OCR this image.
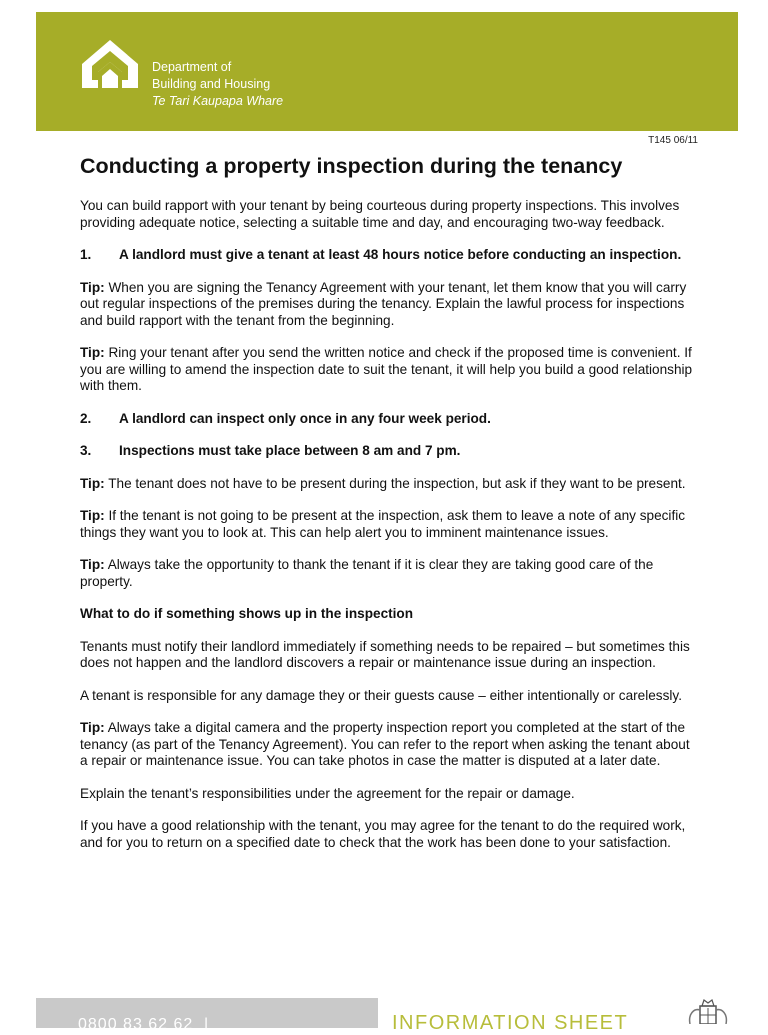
Department of
Building and Housing
Te Tari Kaupapa Whare
T145 06/11
Conducting a property inspection during the tenancy

You can build rapport with your tenant by being courteous during property inspections. This involves providing adequate notice, selecting a suitable time and day, and encouraging two-way feedback.

1.	A landlord must give a tenant at least 48 hours notice before conducting an inspection.

Tip: When you are signing the Tenancy Agreement with your tenant, let them know that you will carry out regular inspections of the premises during the tenancy. Explain the lawful process for inspections and build rapport with the tenant from the beginning.

Tip: Ring your tenant after you send the written notice and check if the proposed time is convenient. If you are willing to amend the inspection date to suit the tenant, it will help you build a good relationship with them.

2.	A landlord can inspect only once in any four week period.
3.	Inspections must take place between 8 am and 7 pm.

Tip: The tenant does not have to be present during the inspection, but ask if they want to be present.

Tip: If the tenant is not going to be present at the inspection, ask them to leave a note of any specific things they want you to look at. This can help alert you to imminent maintenance issues.

Tip: Always take the opportunity to thank the tenant if it is clear they are taking good care of the property.

What to do if something shows up in the inspection

Tenants must notify their landlord immediately if something needs to be repaired – but sometimes this does not happen and the landlord discovers a repair or maintenance issue during an inspection.

A tenant is responsible for any damage they or their guests cause – either intentionally or carelessly.

Tip: Always take a digital camera and the property inspection report you completed at the start of the tenancy (as part of the Tenancy Agreement). You can refer to the report when asking the tenant about a repair or maintenance issue. You can take photos in case the matter is disputed at a later date.

Explain the tenant’s responsibilities under the agreement for the repair or damage.

If you have a good relationship with the tenant, you may agree for the tenant to do the required work, and for you to return on a specified date to check that the work has been done to your satisfaction.

0800 83 62 62 |	INFORMATION SHEET
